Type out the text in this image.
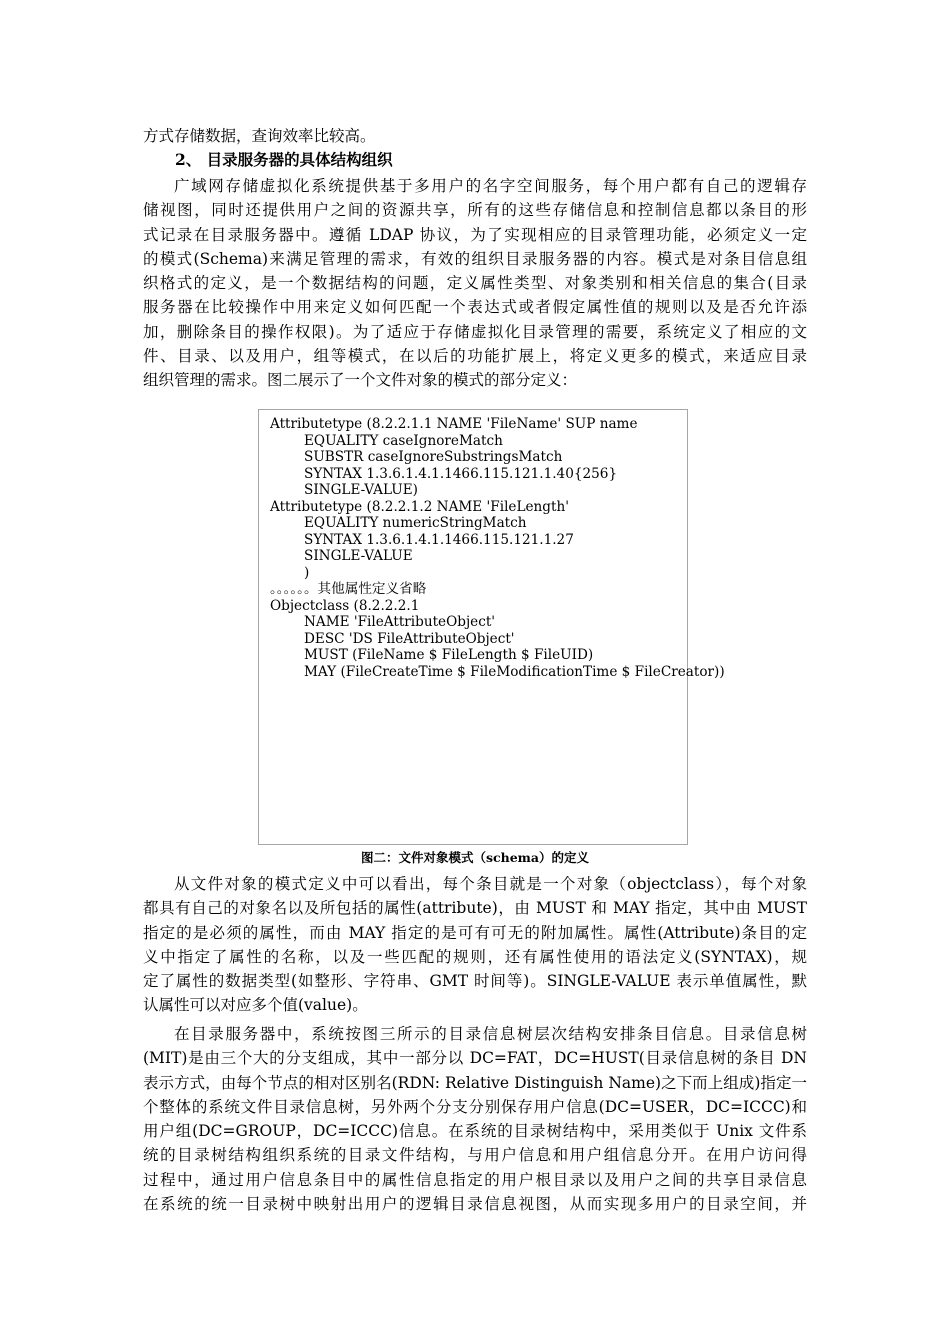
方式存储数据，查询效率比较高。
2、 目录服务器的具体结构组织
广域网存储虚拟化系统提供基于多用户的名字空间服务，每个用户都有自己的逻辑存
储视图，同时还提供用户之间的资源共享，所有的这些存储信息和控制信息都以条目的形
式记录在目录服务器中。遵循 LDAP 协议，为了实现相应的目录管理功能，必须定义一定
的模式(Schema)来满足管理的需求，有效的组织目录服务器的内容。模式是对条目信息组
织格式的定义，是一个数据结构的问题，定义属性类型、对象类别和相关信息的集合(目录
服务器在比较操作中用来定义如何匹配一个表达式或者假定属性值的规则以及是否允许添
加，删除条目的操作权限)。为了适应于存储虚拟化目录管理的需要，系统定义了相应的文
件、目录、以及用户，组等模式，在以后的功能扩展上，将定义更多的模式，来适应目录
组织管理的需求。图二展示了一个文件对象的模式的部分定义：
Attributetype (8.2.2.1.1 NAME 'FileName' SUP name
EQUALITY caseIgnoreMatch
SUBSTR caseIgnoreSubstringsMatch
SYNTAX 1.3.6.1.4.1.1466.115.121.1.40{256}
SINGLE-VALUE)
Attributetype (8.2.2.1.2 NAME 'FileLength'
EQUALITY numericStringMatch
SYNTAX 1.3.6.1.4.1.1466.115.121.1.27
SINGLE-VALUE
)
。。。。。。其他属性定义省略
Objectclass (8.2.2.2.1
NAME 'FileAttributeObject'
DESC 'DS FileAttributeObject'
MUST (FileName $ FileLength $ FileUID)
MAY (FileCreateTime $ FileModificationTime $ FileCreator))
图二：文件对象模式（schema）的定义
从文件对象的模式定义中可以看出，每个条目就是一个对象（objectclass），每个对象
都具有自己的对象名以及所包括的属性(attribute)，由 MUST 和 MAY 指定，其中由 MUST
指定的是必须的属性，而由 MAY 指定的是可有可无的附加属性。属性(Attribute)条目的定
义中指定了属性的名称，以及一些匹配的规则，还有属性使用的语法定义(SYNTAX)，规
定了属性的数据类型(如整形、字符串、GMT 时间等)。SINGLE-VALUE 表示单值属性，默
认属性可以对应多个值(value)。
在目录服务器中，系统按图三所示的目录信息树层次结构安排条目信息。目录信息树
(MIT)是由三个大的分支组成，其中一部分以 DC=FAT，DC=HUST(目录信息树的条目 DN
表示方式，由每个节点的相对区别名(RDN: Relative Distinguish Name)之下而上组成)指定一
个整体的系统文件目录信息树，另外两个分支分别保存用户信息(DC=USER，DC=ICCC)和
用户组(DC=GROUP，DC=ICCC)信息。在系统的目录树结构中，采用类似于 Unix 文件系
统的目录树结构组织系统的目录文件结构，与用户信息和用户组信息分开。在用户访问得
过程中，通过用户信息条目中的属性信息指定的用户根目录以及用户之间的共享目录信息
在系统的统一目录树中映射出用户的逻辑目录信息视图，从而实现多用户的目录空间，并
